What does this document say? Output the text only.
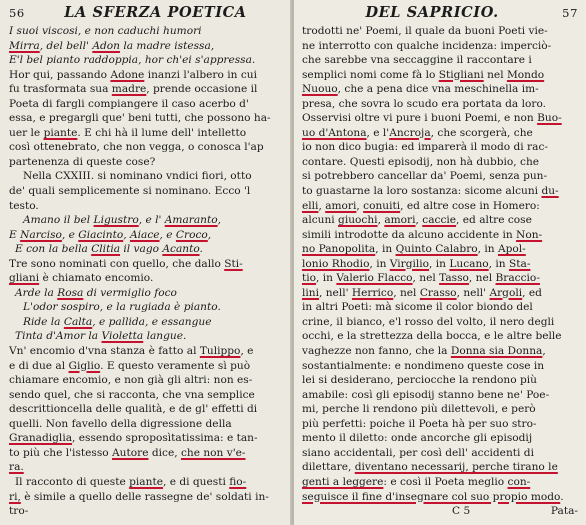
56	LA SFERZA POETICA
I suoi viscosi, e non caduchi humori
Mirra, del bell' Adon la madre istessa,
E'l bel pianto raddoppia, hor ch'ei s'appressa.
Hor qui, passando Adone inanzi l'albero in cui
fu trasformata sua madre, prende occasione il
Poeta di fargli compiangere il caso acerbo d'
essa, e pregargli que' beni tutti, che possono ha-
uer le piante. E chi hà il lume dell' intelletto
così ottenebrato, che non vegga, o conosca l'ap
partenenza di queste cose?
Nella CXXIII. si nominano vndici fiori, otto
de' quali semplicemente si nominano. Ecco 'l
testo.
Amano il bel Ligustro, e l' Amaranto,
E Narciso, e Giacinto, Aiace, e Croco,
E con la bella Clitia il vago Acanto.
Tre sono nominati con quello, che dallo Sti-
gliani è chiamato encomio.
Arde la Rosa di vermiglio foco
L'odor sospiro, e la rugiada è pianto.
Ride la Calta, e pallida, e essangue
Tinta d'Amor la Violetta langue.
Vn' encomio d'vna stanza è fatto al Tulippo, e
e di due al Giglio. E questo veramente sì può
chiamare encomio, e non già gli altri: non es-
sendo quel, che si racconta, che vna semplice
descrittioncella delle qualità, e de gl' effetti di
quelli. Non favello della digressione della
Granadiglia, essendo sproposìtatissima: e tan-
to più che l'istesso Autore dice, che non v'e-
ra.
Il racconto di queste piante, e di questi fio-
ri, è simile a quello delle rassegne de' soldati in-
tro-
DEL SAPRICIO.	57
trodotti ne' Poemi, il quale da buoni Poeti vie-
ne interrotto con qualche incidenza: imperciò-
che sarebbe vna seccaggine il raccontare i
semplici nomi come fà lo Stigliani nel Mondo
Nuouo, che a pena dice vna meschinella im-
presa, che sovra lo scudo era portata da loro.
Osservisi oltre vi pure i buoni Poemi, e non Buo-
uo d'Antona, e l'Ancroja, che scorgerà, che
io non dico bugia: ed imparerà il modo di rac-
contare. Questi episodij, non hà dubbio, che
si potrebbero cancellar da' Poemi, senza pun-
to guastarne la loro sostanza: sicome alcuni du-
elli, amori, conuiti, ed altre cose in Homero:
alcuni giuochi, amori, caccie, ed altre cose
simili introdotte da alcuno accidente in Non-
no Panopolita, in Quinto Calabro, in Apol-
lonio Rhodio, in Virgilio, in Lucano, in Sta-
tio, in Valerio Flacco, nel Tasso, nel Braccio-
lini, nell' Herrico, nel Crasso, nell' Argoli, ed
in altri Poeti: mà sicome il color biondo del
crine, il bianco, e'l rosso del volto, il nero degli
occhi, e la strettezza della bocca, e le altre belle
vaghezze non fanno, che la Donna sia Donna,
sostantialmente: e nondimeno queste cose in
lei si desiderano, perciocche la rendono più
amabile: così gli episodij stanno bene ne' Poe-
mi, perche li rendono più dilettevoli, e però
più perfetti: poiche il Poeta hà per suo stro-
mento il diletto: onde ancorche gli episodij
siano accidentali, per così dell' accidenti di
dilettare, diventano necessarij, perche tirano le
genti a leggere: e così il Poeta meglio con-
seguisce il fine d'insegnare col suo propio modo.
C 5	Pata-
